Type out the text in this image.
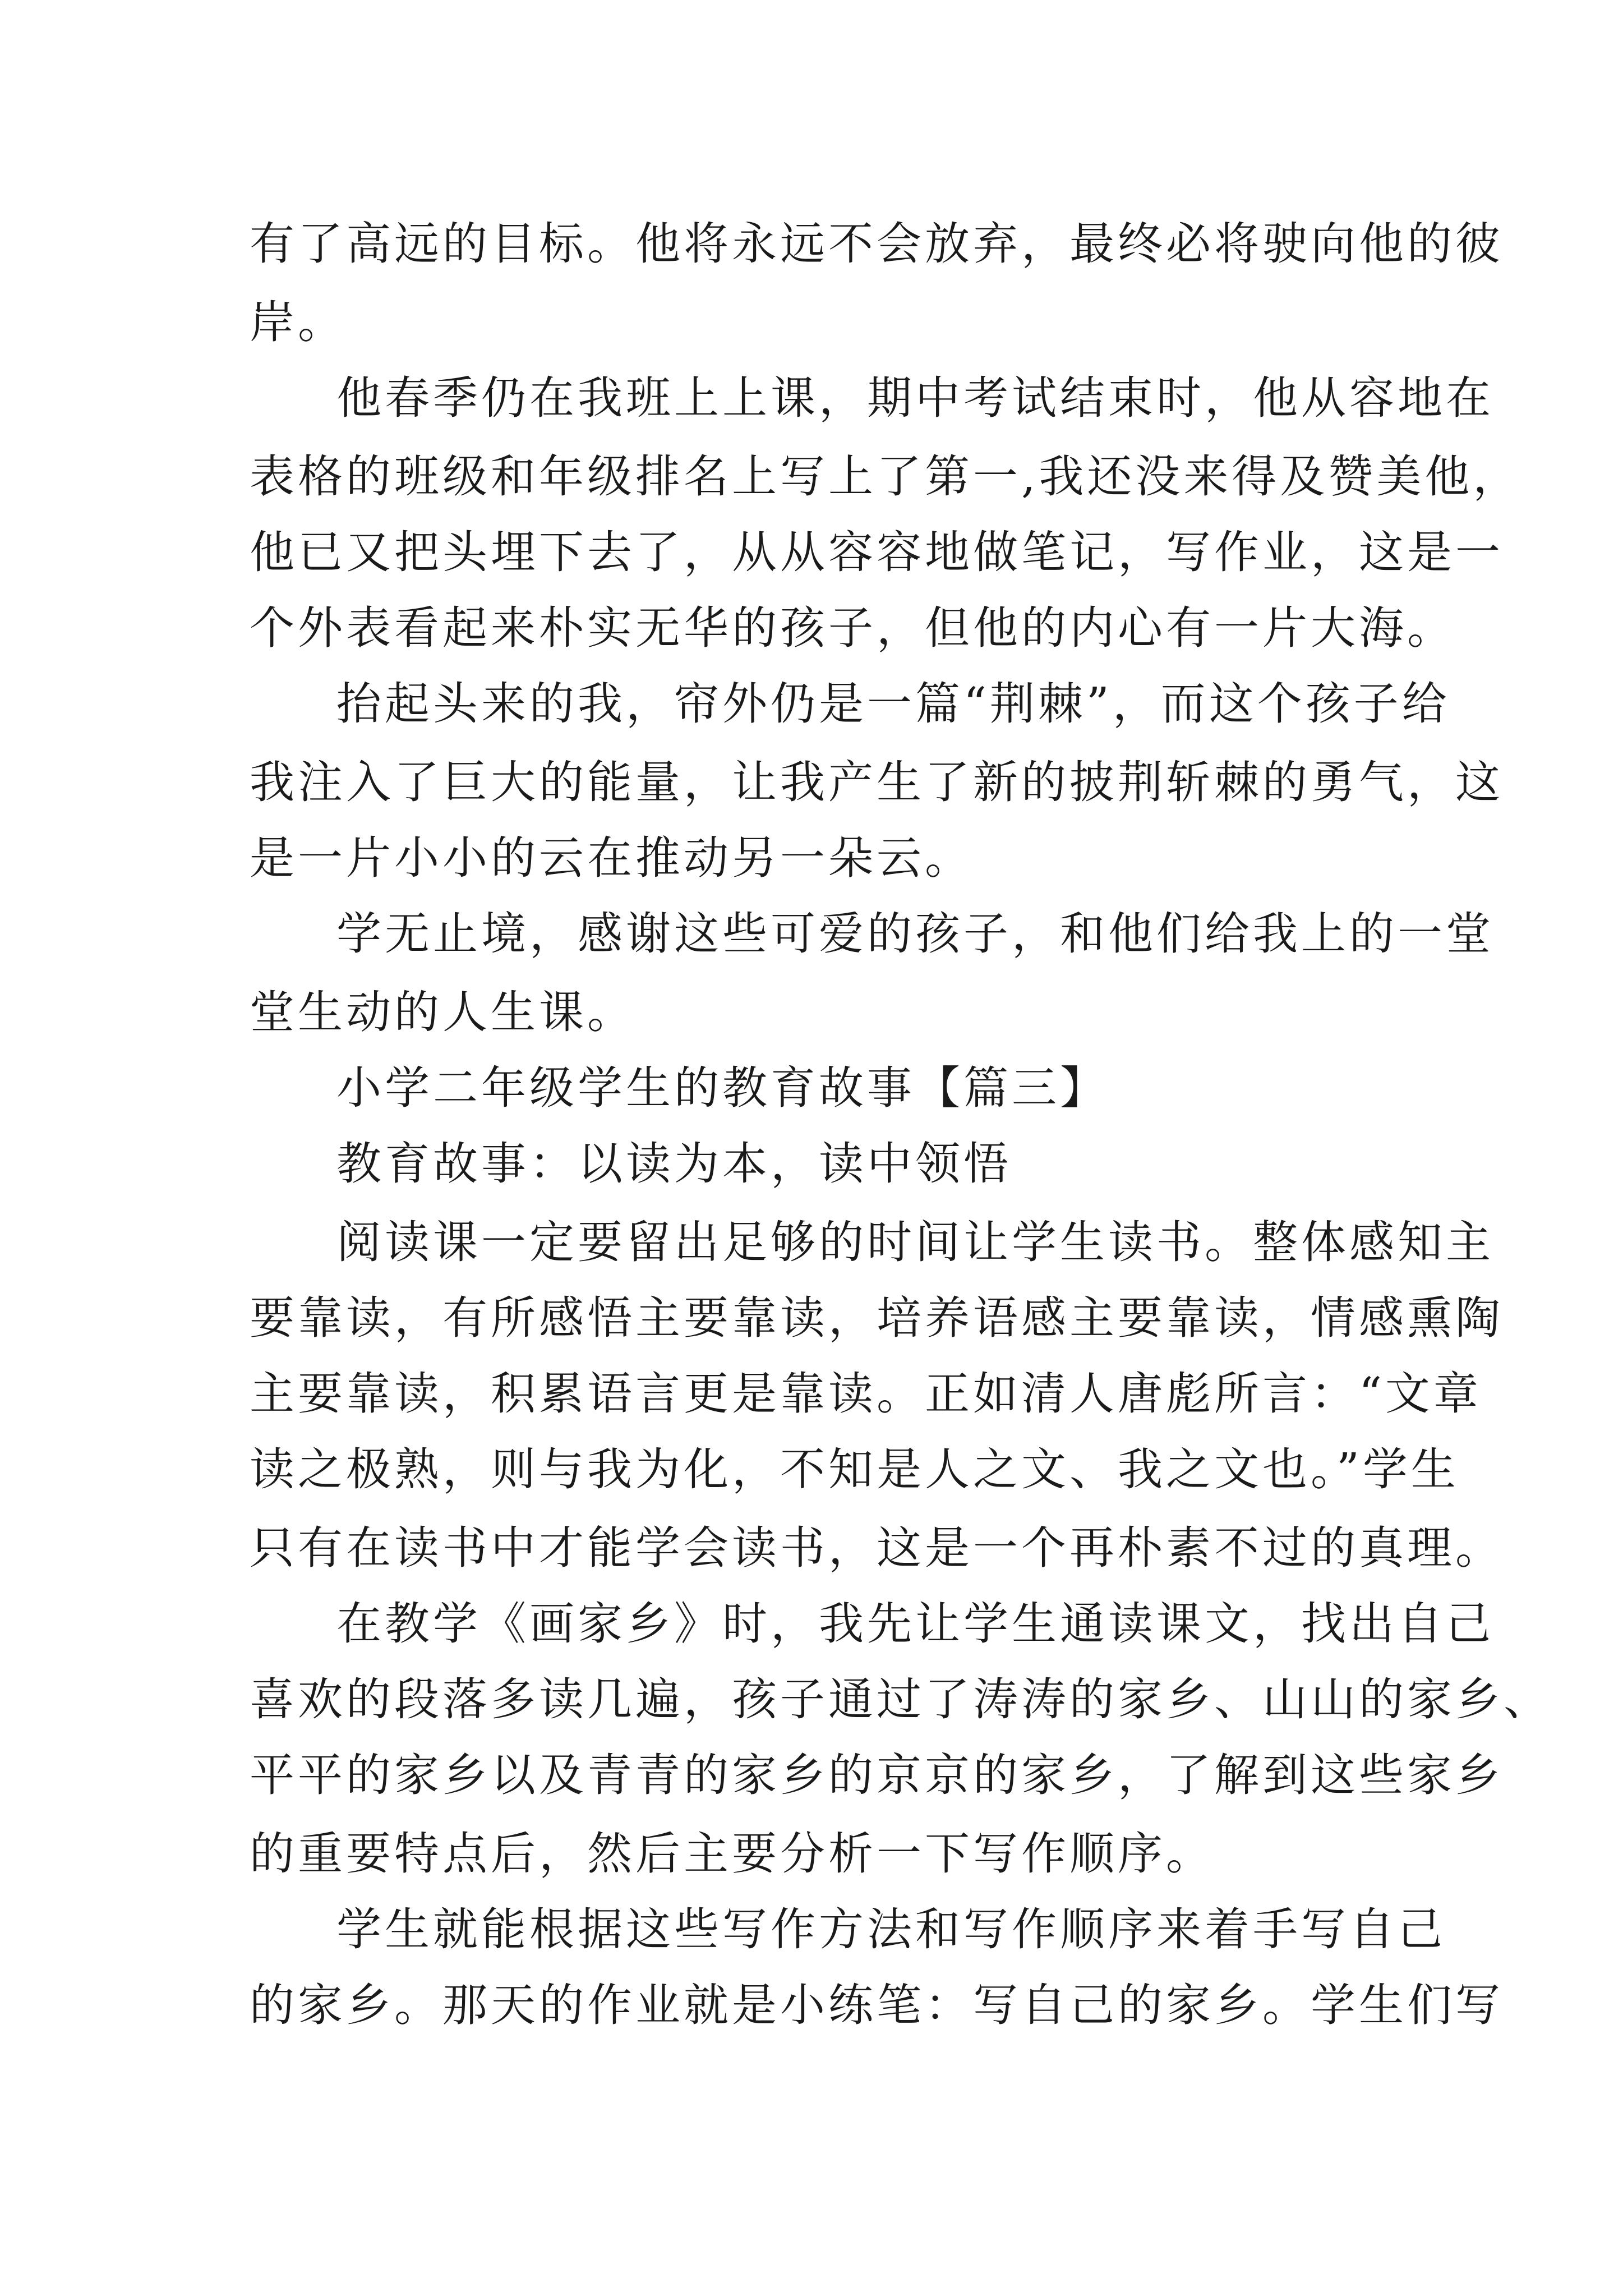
有了高远的目标。他将永远不会放弃，最终必将驶向他的彼
岸。
他春季仍在我班上上课，期中考试结束时，他从容地在
表格的班级和年级排名上写上了第一,我还没来得及赞美他，
他已又把头埋下去了，从从容容地做笔记，写作业，这是一
个外表看起来朴实无华的孩子，但他的内心有一片大海。
抬起头来的我，帘外仍是一篇“荆棘”，而这个孩子给
我注入了巨大的能量，让我产生了新的披荆斩棘的勇气，这
是一片小小的云在推动另一朵云。
学无止境，感谢这些可爱的孩子，和他们给我上的一堂
堂生动的人生课。
小学二年级学生的教育故事【篇三】
教育故事：以读为本，读中领悟
阅读课一定要留出足够的时间让学生读书。整体感知主
要靠读，有所感悟主要靠读，培养语感主要靠读，情感熏陶
主要靠读，积累语言更是靠读。正如清人唐彪所言：“文章
读之极熟，则与我为化，不知是人之文、我之文也。”学生
只有在读书中才能学会读书，这是一个再朴素不过的真理。
在教学《画家乡》时，我先让学生通读课文，找出自己
喜欢的段落多读几遍，孩子通过了涛涛的家乡、山山的家乡、
平平的家乡以及青青的家乡的京京的家乡，了解到这些家乡
的重要特点后，然后主要分析一下写作顺序。
学生就能根据这些写作方法和写作顺序来着手写自己
的家乡。那天的作业就是小练笔：写自己的家乡。学生们写
